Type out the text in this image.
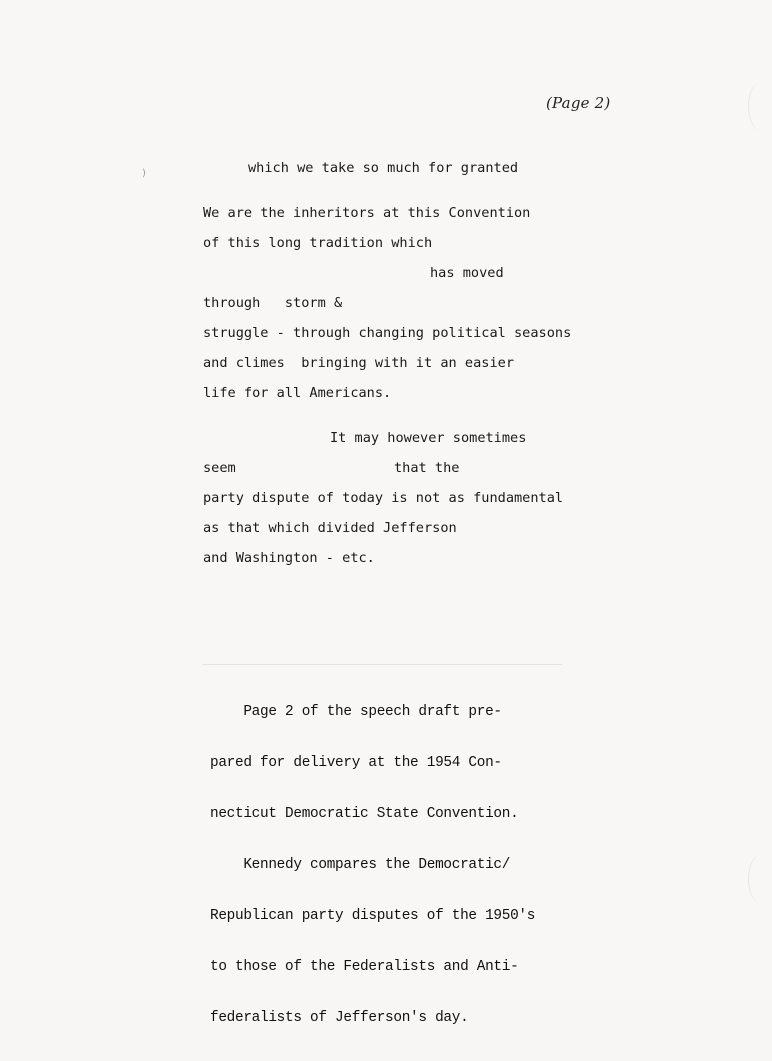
(Page 2)
)	which we take so much for granted
We are the inheritors at this Convention
of this long tradition which
has moved
through   storm &
struggle - through changing political seasons
and climes  bringing with it an easier
life for all Americans.
It may however sometimes
seem	that the
party dispute of today is not as fundamental
as that which divided Jefferson
and Washington - etc.

Page 2 of the speech draft pre-

pared for delivery at the 1954 Con-

necticut Democratic State Convention.

Kennedy compares the Democratic/

Republican party disputes of the 1950's

to those of the Federalists and Anti-

federalists of Jefferson's day.
